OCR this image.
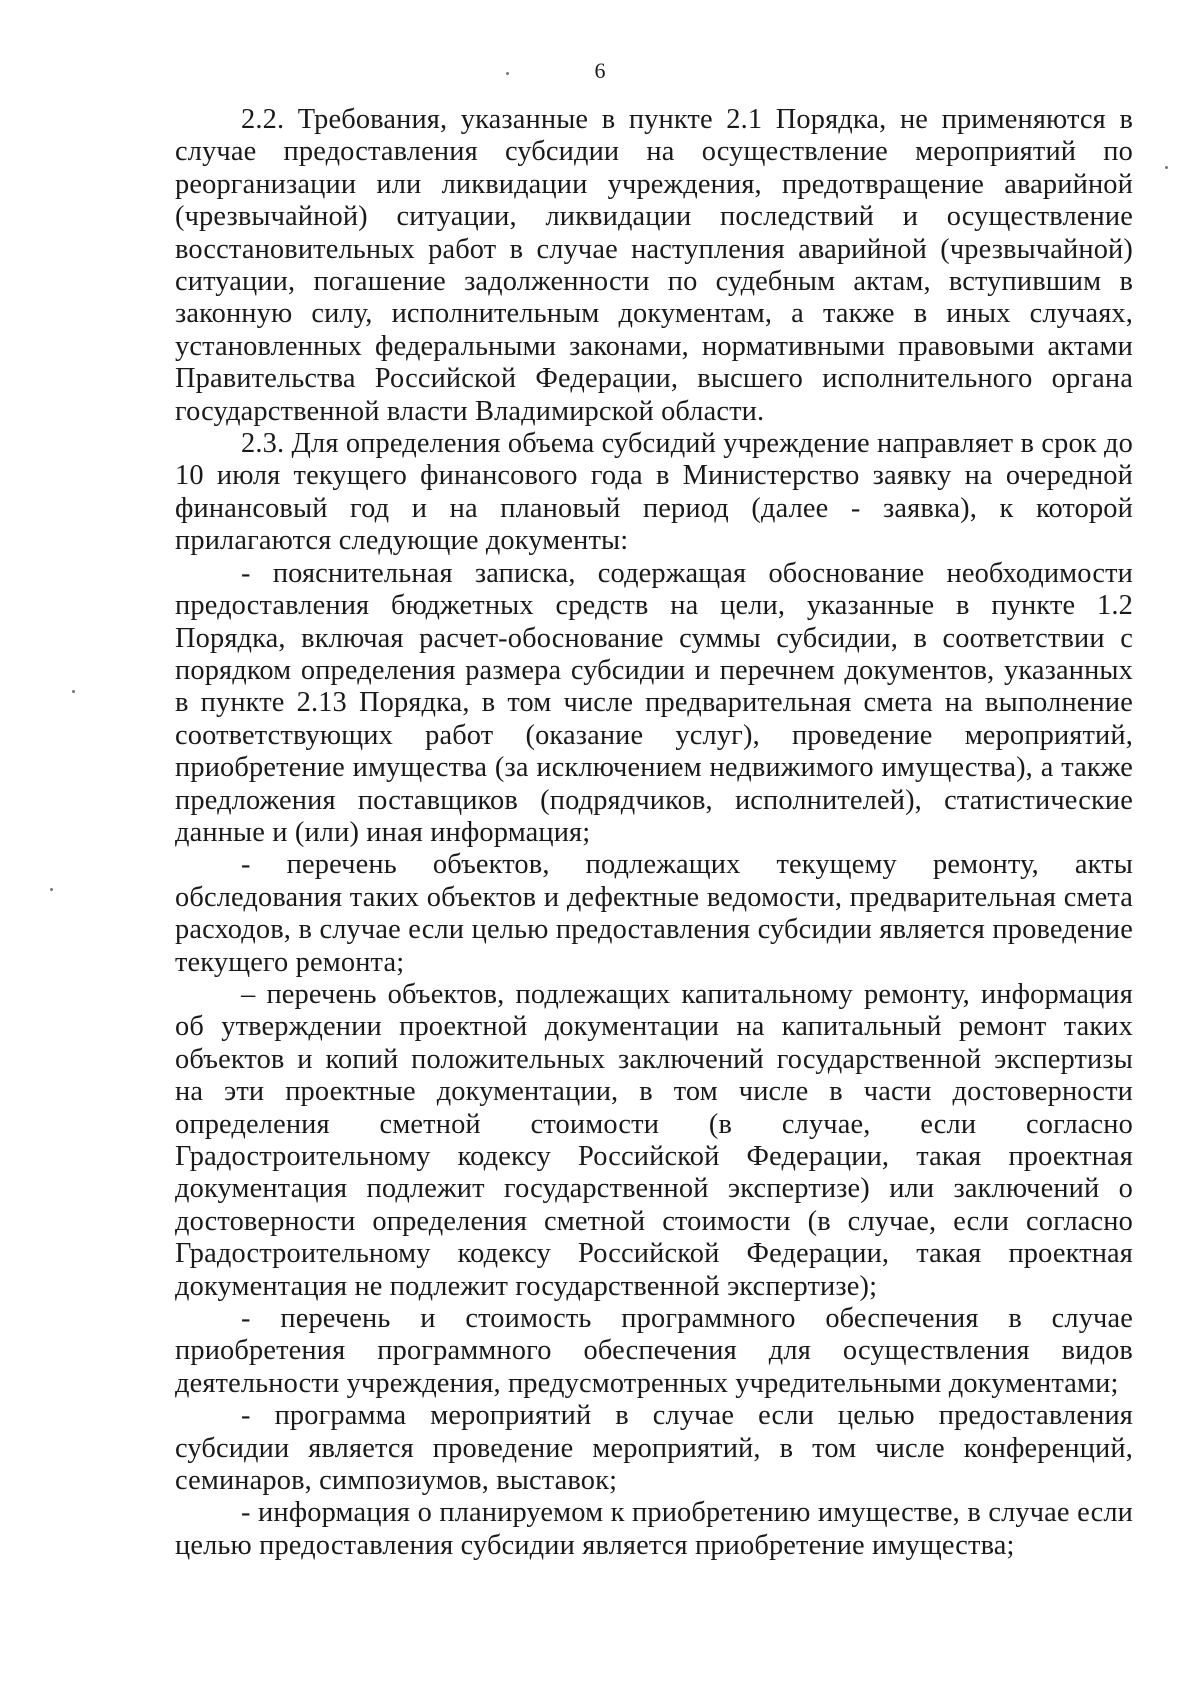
6

2.2. Требования, указанные в пункте 2.1 Порядка, не применяются в случае предоставления субсидии на осуществление мероприятий по реорганизации или ликвидации учреждения, предотвращение аварийной (чрезвычайной) ситуации, ликвидации последствий и осуществление восстановительных работ в случае наступления аварийной (чрезвычайной) ситуации, погашение задолженности по судебным актам, вступившим в законную силу, исполнительным документам, а также в иных случаях, установленных федеральными законами, нормативными правовыми актами Правительства Российской Федерации, высшего исполнительного органа государственной власти Владимирской области.

2.3. Для определения объема субсидий учреждение направляет в срок до 10 июля текущего финансового года в Министерство заявку на очередной финансовый год и на плановый период (далее - заявка), к которой прилагаются следующие документы:

- пояснительная записка, содержащая обоснование необходимости предоставления бюджетных средств на цели, указанные в пункте 1.2 Порядка, включая расчет-обоснование суммы субсидии, в соответствии с порядком определения размера субсидии и перечнем документов, указанных в пункте 2.13 Порядка, в том числе предварительная смета на выполнение соответствующих работ (оказание услуг), проведение мероприятий, приобретение имущества (за исключением недвижимого имущества), а также предложения поставщиков (подрядчиков, исполнителей), статистические данные и (или) иная информация;

- перечень объектов, подлежащих текущему ремонту, акты обследования таких объектов и дефектные ведомости, предварительная смета расходов, в случае если целью предоставления субсидии является проведение текущего ремонта;

– перечень объектов, подлежащих капитальному ремонту, информация об утверждении проектной документации на капитальный ремонт таких объектов и копий положительных заключений государственной экспертизы на эти проектные документации, в том числе в части достоверности определения сметной стоимости (в случае, если согласно Градостроительному кодексу Российской Федерации, такая проектная документация подлежит государственной экспертизе) или заключений о достоверности определения сметной стоимости (в случае, если согласно Градостроительному кодексу Российской Федерации, такая проектная документация не подлежит государственной экспертизе);

- перечень и стоимость программного обеспечения в случае приобретения программного обеспечения для осуществления видов деятельности учреждения, предусмотренных учредительными документами;

- программа мероприятий в случае если целью предоставления субсидии является проведение мероприятий, в том числе конференций, семинаров, симпозиумов, выставок;

- информация о планируемом к приобретению имуществе, в случае если целью предоставления субсидии является приобретение имущества;
